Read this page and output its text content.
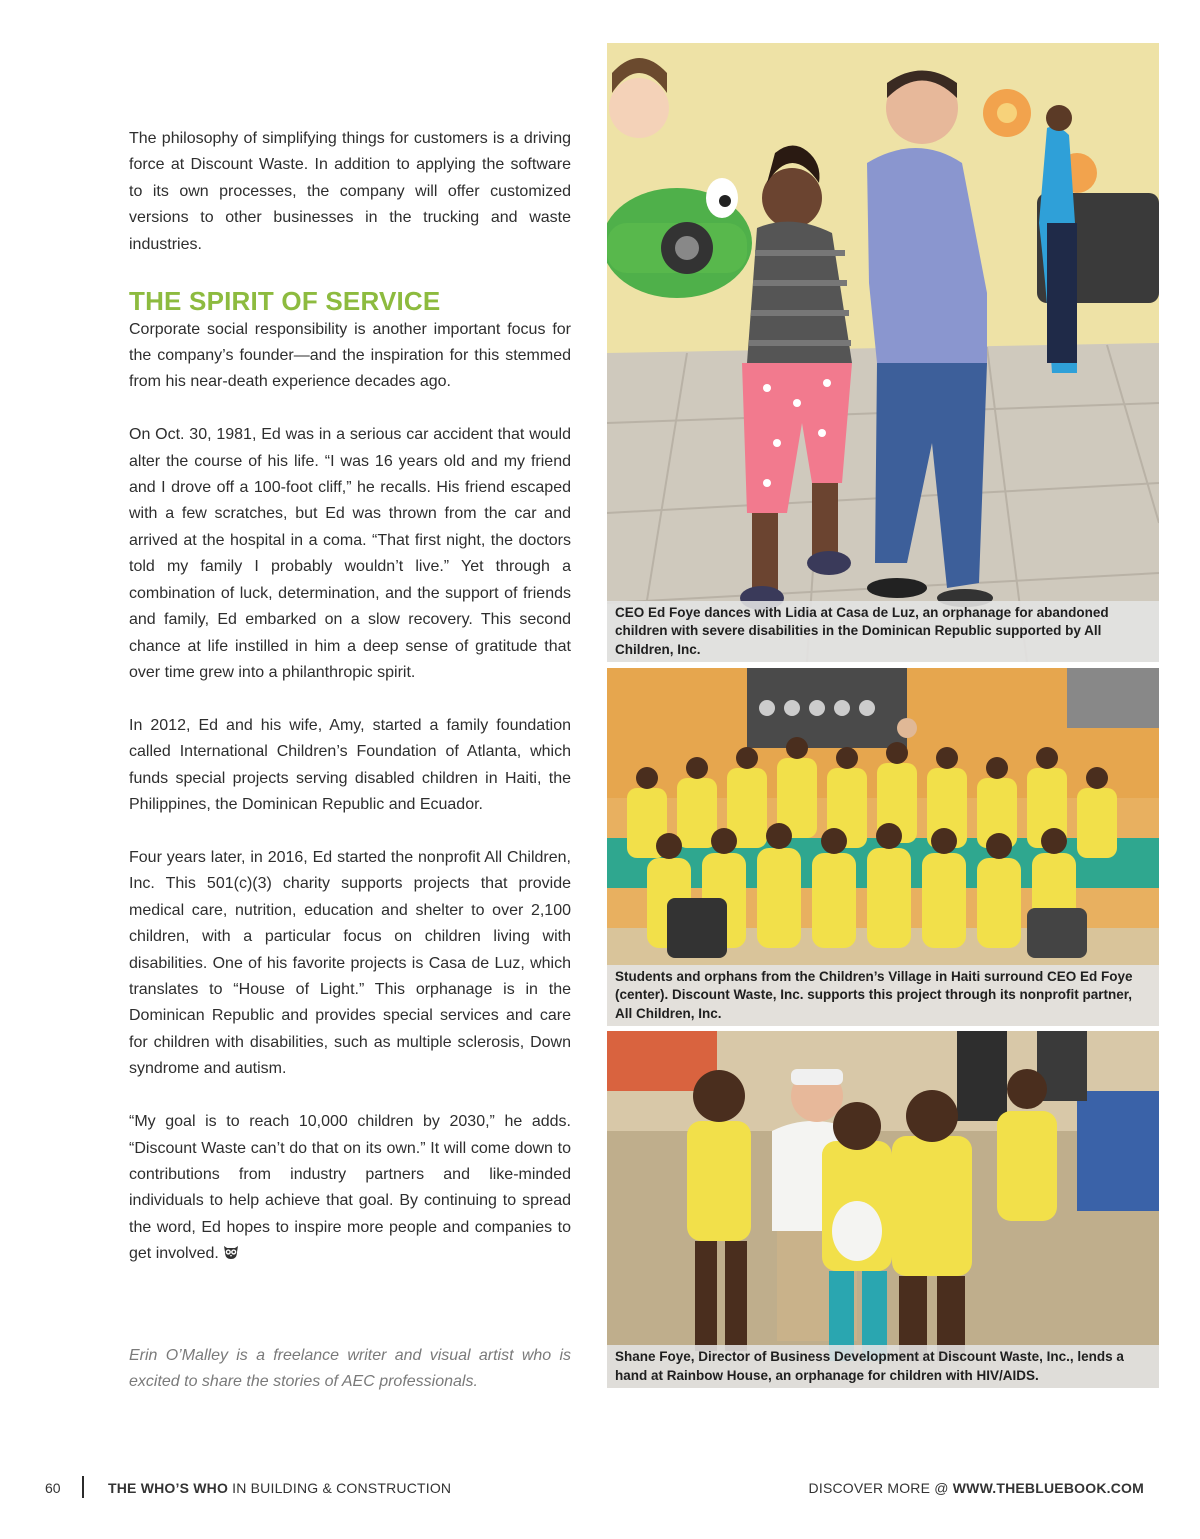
The philosophy of simplifying things for customers is a driving force at Discount Waste. In addition to applying the software to its own processes, the company will offer customized versions to other businesses in the trucking and waste industries.

THE SPIRIT OF SERVICE

Corporate social responsibility is another important focus for the company’s founder—and the inspiration for this stemmed from his near-death experience decades ago.

On Oct. 30, 1981, Ed was in a serious car accident that would alter the course of his life. “I was 16 years old and my friend and I drove off a 100-foot cliff,” he recalls. His friend escaped with a few scratches, but Ed was thrown from the car and arrived at the hospital in a coma. “That first night, the doctors told my family I probably wouldn’t live.” Yet through a combination of luck, determination, and the support of friends and family, Ed embarked on a slow recovery. This second chance at life instilled in him a deep sense of gratitude that over time grew into a philanthropic spirit.

In 2012, Ed and his wife, Amy, started a family foundation called International Children’s Foundation of Atlanta, which funds special projects serving disabled children in Haiti, the Philippines, the Dominican Republic and Ecuador.

Four years later, in 2016, Ed started the nonprofit All Children, Inc. This 501(c)(3) charity supports projects that provide medical care, nutrition, education and shelter to over 2,100 children, with a particular focus on children living with disabilities. One of his favorite projects is Casa de Luz, which translates to “House of Light.” This orphanage is in the Dominican Republic and provides special services and care for children with disabilities, such as multiple sclerosis, Down syndrome and autism.

“My goal is to reach 10,000 children by 2030,” he adds. “Discount Waste can’t do that on its own.” It will come down to contributions from industry partners and like-minded individuals to help achieve that goal. By continuing to spread the word, Ed hopes to inspire more people and companies to get involved.

Erin O’Malley is a freelance writer and visual artist who is excited to share the stories of AEC professionals.
CEO Ed Foye dances with Lidia at Casa de Luz, an orphanage for abandoned children with severe disabilities in the Dominican Republic supported by All Children, Inc.
Students and orphans from the Children’s Village in Haiti surround CEO Ed Foye (center). Discount Waste, Inc. supports this project through its nonprofit partner, All Children, Inc.
Shane Foye, Director of Business Development at Discount Waste, Inc., lends a hand at Rainbow House, an orphanage for children with HIV/AIDS.
60	THE WHO’S WHO IN BUILDING & CONSTRUCTION	DISCOVER MORE @ WWW.THEBLUEBOOK.COM
